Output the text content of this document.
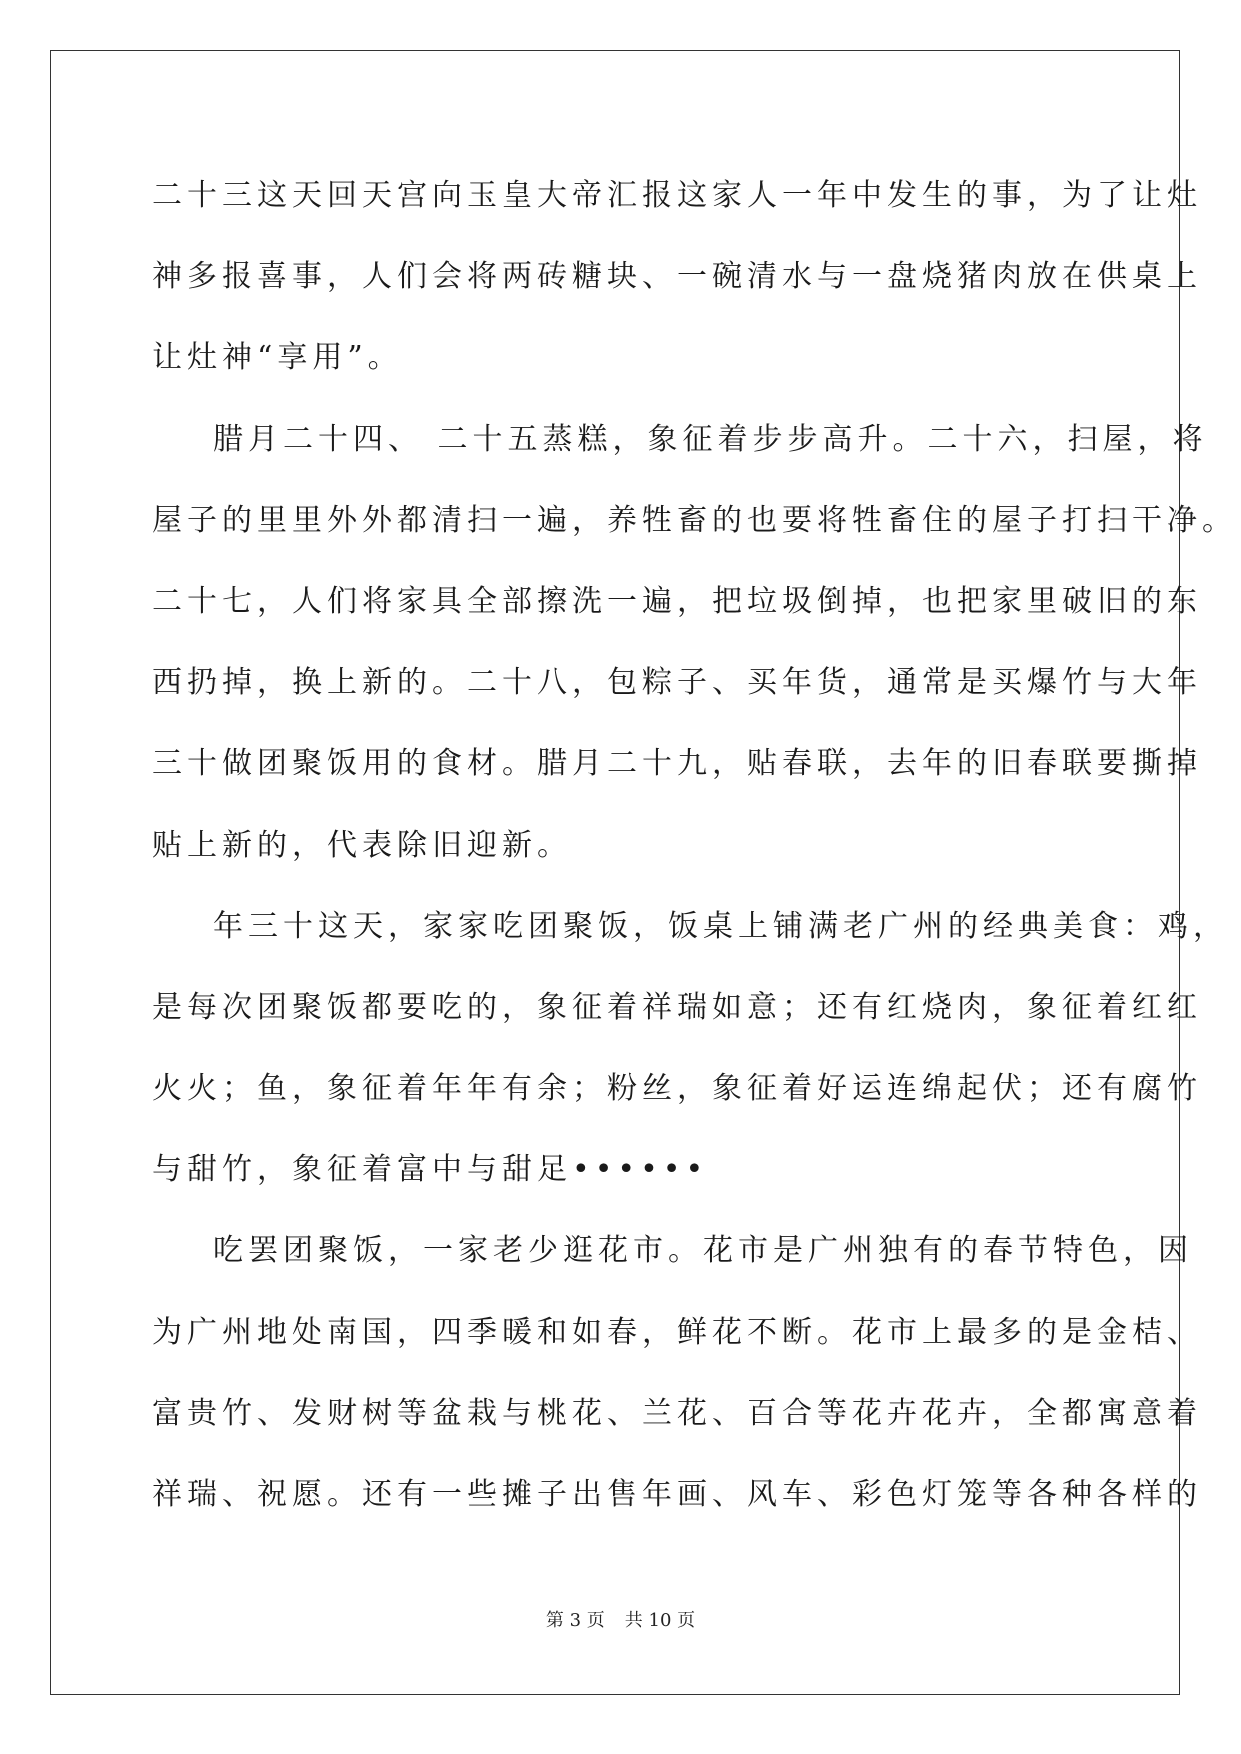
二十三这天回天宫向玉皇大帝汇报这家人一年中发生的事，为了让灶
神多报喜事，人们会将两砖糖块、一碗清水与一盘烧猪肉放在供桌上
让灶神“享用”。
腊月二十四、 二十五蒸糕，象征着步步高升。二十六，扫屋，将
屋子的里里外外都清扫一遍，养牲畜的也要将牲畜住的屋子打扫干净。
二十七，人们将家具全部擦洗一遍，把垃圾倒掉，也把家里破旧的东
西扔掉，换上新的。二十八，包粽子、买年货，通常是买爆竹与大年
三十做团聚饭用的食材。腊月二十九，贴春联，去年的旧春联要撕掉
贴上新的，代表除旧迎新。
年三十这天，家家吃团聚饭，饭桌上铺满老广州的经典美食：鸡，
是每次团聚饭都要吃的，象征着祥瑞如意；还有红烧肉，象征着红红
火火；鱼，象征着年年有余；粉丝，象征着好运连绵起伏；还有腐竹
与甜竹，象征着富中与甜足••••••
吃罢团聚饭，一家老少逛花市。花市是广州独有的春节特色，因
为广州地处南国，四季暖和如春，鲜花不断。花市上最多的是金桔、
富贵竹、发财树等盆栽与桃花、兰花、百合等花卉花卉，全都寓意着
祥瑞、祝愿。还有一些摊子出售年画、风车、彩色灯笼等各种各样的
第 3 页 共 10 页
